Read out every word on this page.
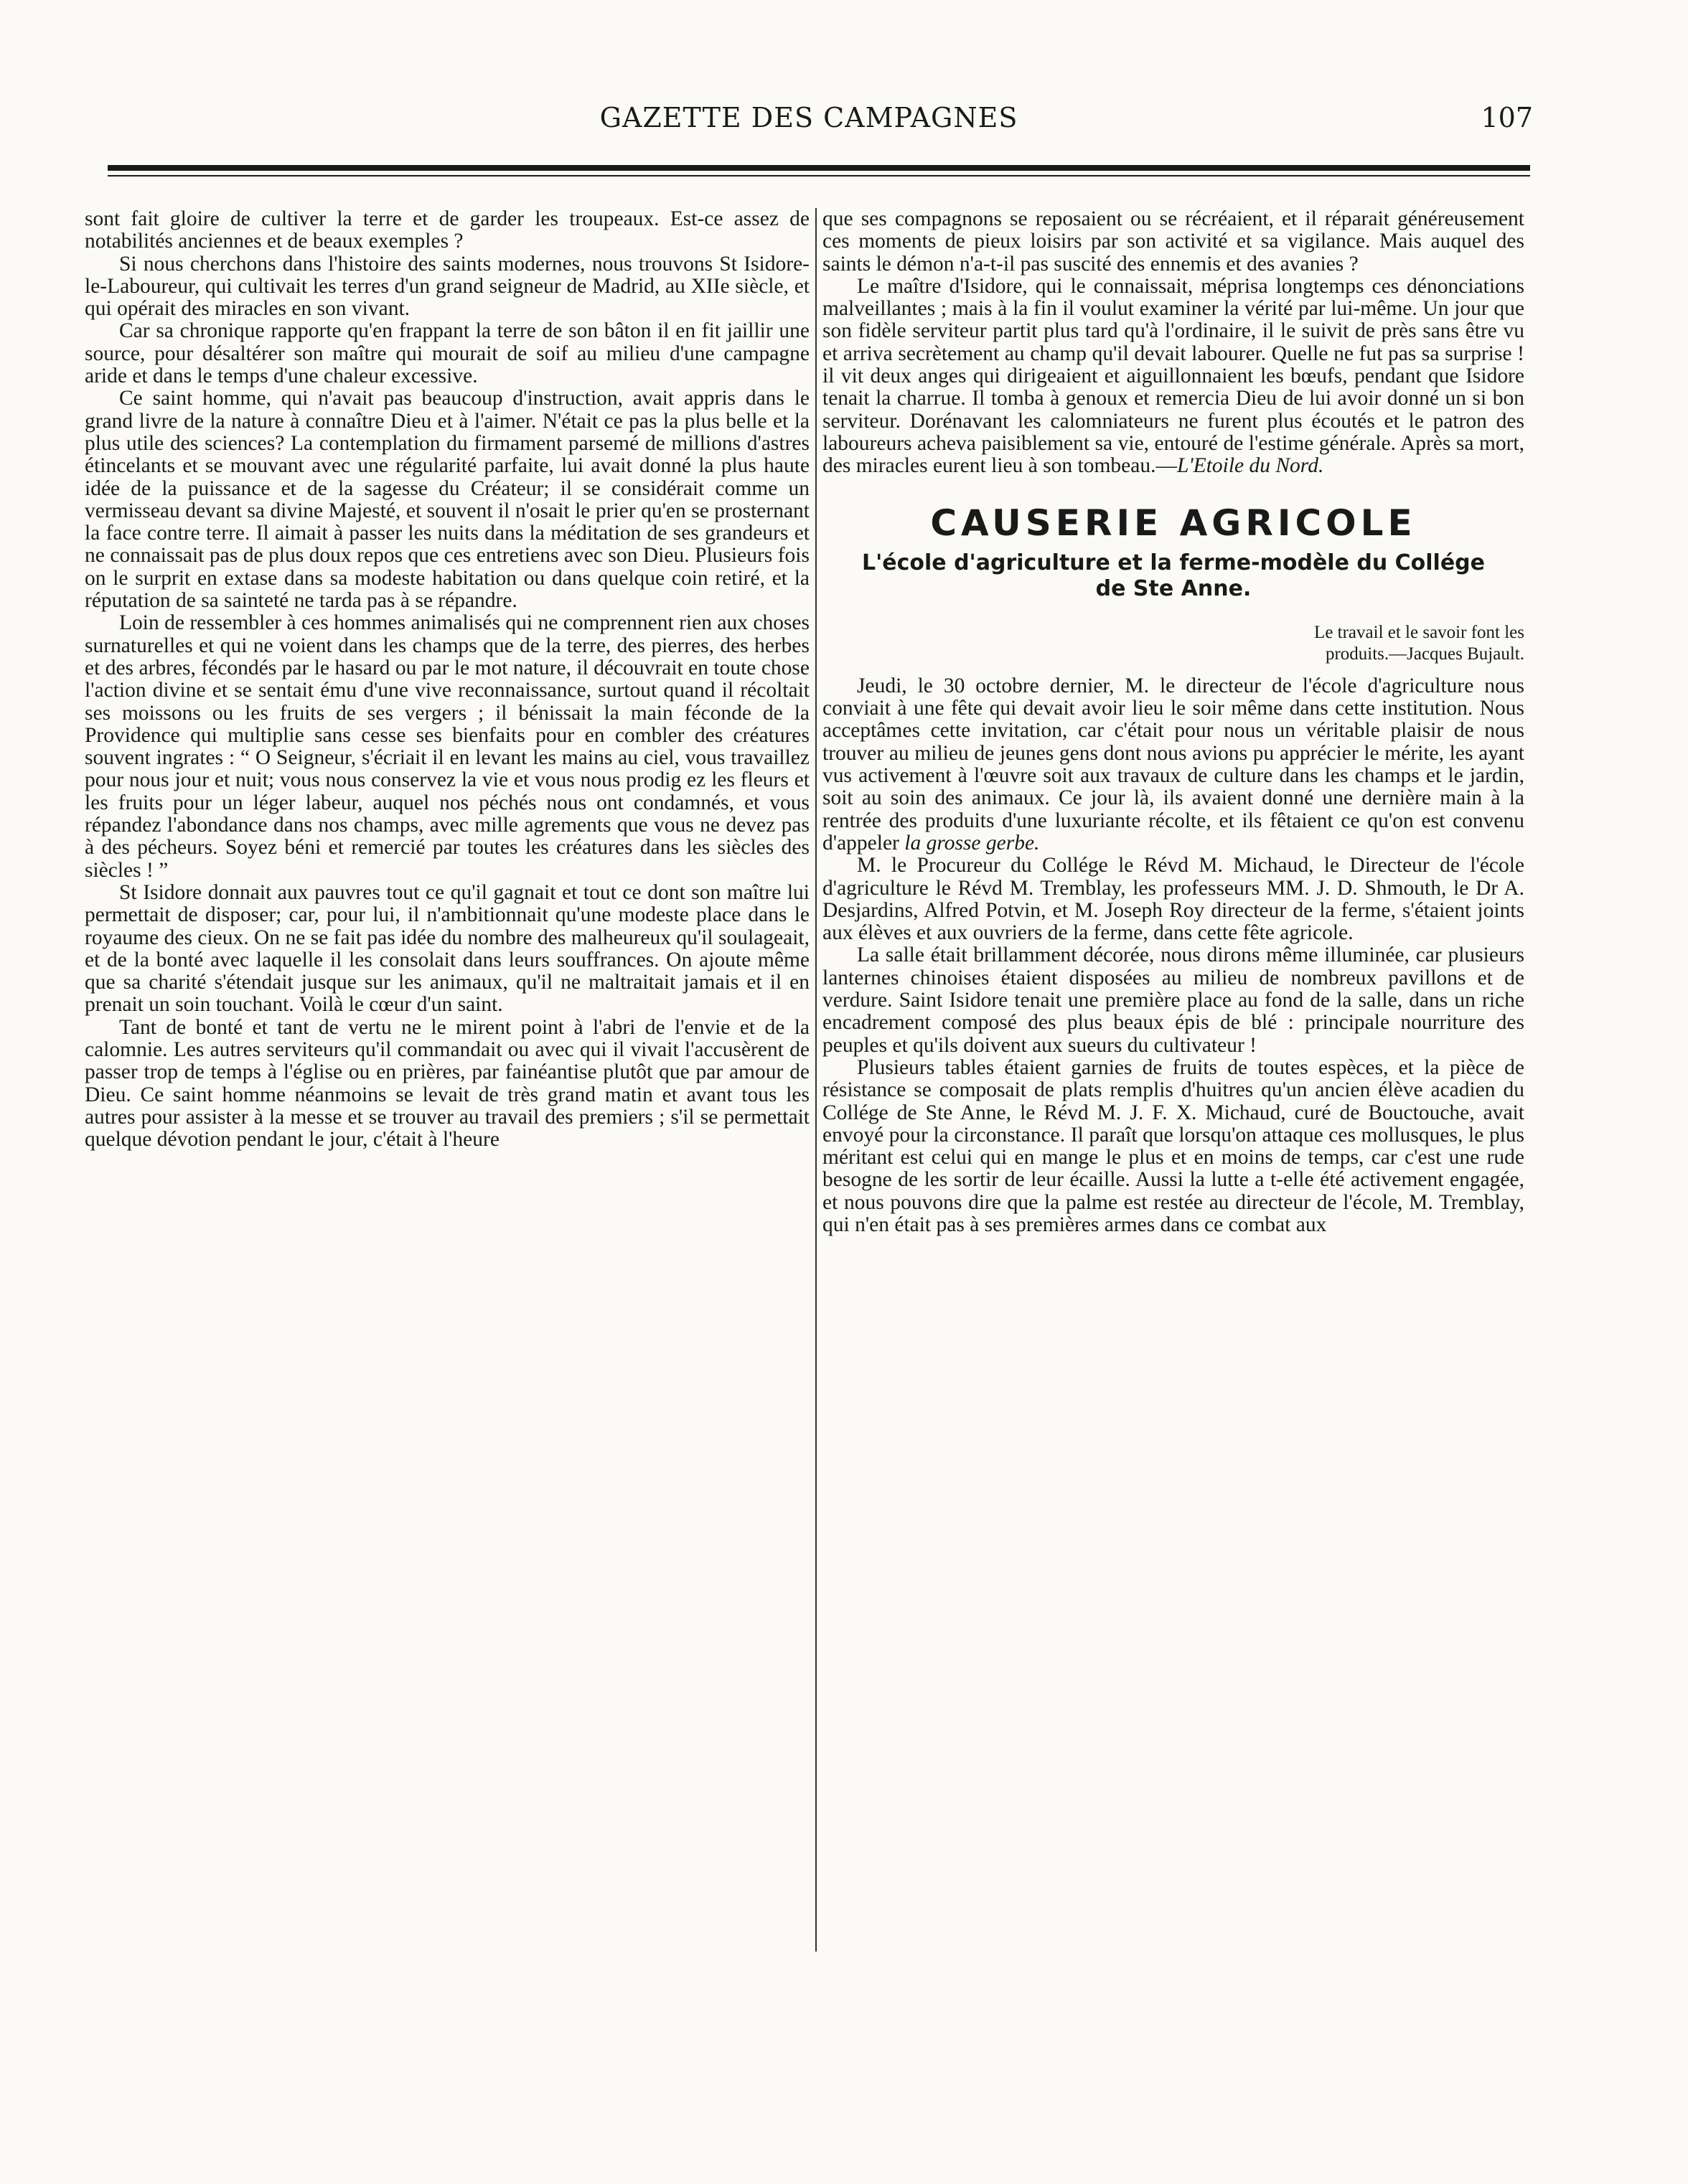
GAZETTE DES CAMPAGNES	107

sont fait gloire de cultiver la terre et de garder les troupeaux. Est-ce assez de notabilités anciennes et de beaux exemples ?

Si nous cherchons dans l'histoire des saints modernes, nous trouvons St Isidore-le-Laboureur, qui cultivait les terres d'un grand seigneur de Madrid, au XIIe siècle, et qui opérait des miracles en son vivant.

Car sa chronique rapporte qu'en frappant la terre de son bâton il en fit jaillir une source, pour désaltérer son maître qui mourait de soif au milieu d'une campagne aride et dans le temps d'une chaleur excessive.

Ce saint homme, qui n'avait pas beaucoup d'instruction, avait appris dans le grand livre de la nature à connaître Dieu et à l'aimer. N'était ce pas la plus belle et la plus utile des sciences? La contemplation du firmament parsemé de millions d'astres étincelants et se mouvant avec une régularité parfaite, lui avait donné la plus haute idée de la puissance et de la sagesse du Créateur; il se considérait comme un vermisseau devant sa divine Majesté, et souvent il n'osait le prier qu'en se prosternant la face contre terre. Il aimait à passer les nuits dans la méditation de ses grandeurs et ne connaissait pas de plus doux repos que ces entretiens avec son Dieu. Plusieurs fois on le surprit en extase dans sa modeste habitation ou dans quelque coin retiré, et la réputation de sa sainteté ne tarda pas à se répandre.

Loin de ressembler à ces hommes animalisés qui ne comprennent rien aux choses surnaturelles et qui ne voient dans les champs que de la terre, des pierres, des herbes et des arbres, fécondés par le hasard ou par le mot nature, il découvrait en toute chose l'action divine et se sentait ému d'une vive reconnaissance, surtout quand il récoltait ses moissons ou les fruits de ses vergers ; il bénissait la main féconde de la Providence qui multiplie sans cesse ses bienfaits pour en combler des créatures souvent ingrates : “ O Seigneur, s'écriait il en levant les mains au ciel, vous travaillez pour nous jour et nuit; vous nous conservez la vie et vous nous prodig ez les fleurs et les fruits pour un léger labeur, auquel nos péchés nous ont condamnés, et vous répandez l'abondance dans nos champs, avec mille agrements que vous ne devez pas à des pécheurs. Soyez béni et remercié par toutes les créatures dans les siècles des siècles ! ”

St Isidore donnait aux pauvres tout ce qu'il gagnait et tout ce dont son maître lui permettait de disposer; car, pour lui, il n'ambitionnait qu'une modeste place dans le royaume des cieux. On ne se fait pas idée du nombre des malheureux qu'il soulageait, et de la bonté avec laquelle il les consolait dans leurs souffrances. On ajoute même que sa charité s'étendait jusque sur les animaux, qu'il ne maltraitait jamais et il en prenait un soin touchant. Voilà le cœur d'un saint.

Tant de bonté et tant de vertu ne le mirent point à l'abri de l'envie et de la calomnie. Les autres serviteurs qu'il commandait ou avec qui il vivait l'accusèrent de passer trop de temps à l'église ou en prières, par fainéantise plutôt que par amour de Dieu. Ce saint homme néanmoins se levait de très grand matin et avant tous les autres pour assister à la messe et se trouver au travail des premiers ; s'il se permettait quelque dévotion pendant le jour, c'était à l'heure

que ses compagnons se reposaient ou se récréaient, et il réparait généreusement ces moments de pieux loisirs par son activité et sa vigilance. Mais auquel des saints le démon n'a-t-il pas suscité des ennemis et des avanies ?

Le maître d'Isidore, qui le connaissait, méprisa longtemps ces dénonciations malveillantes ; mais à la fin il voulut examiner la vérité par lui-même. Un jour que son fidèle serviteur partit plus tard qu'à l'ordinaire, il le suivit de près sans être vu et arriva secrètement au champ qu'il devait labourer. Quelle ne fut pas sa surprise ! il vit deux anges qui dirigeaient et aiguillonnaient les bœufs, pendant que Isidore tenait la charrue. Il tomba à genoux et remercia Dieu de lui avoir donné un si bon serviteur. Dorénavant les calomniateurs ne furent plus écoutés et le patron des laboureurs acheva paisiblement sa vie, entouré de l'estime générale. Après sa mort, des miracles eurent lieu à son tombeau.—L'Etoile du Nord.

CAUSERIE AGRICOLE
L'école d'agriculture et la ferme-modèle du Collége de Ste Anne.
Le travail et le savoir font les
produits.—Jacques Bujault.

Jeudi, le 30 octobre dernier, M. le directeur de l'école d'agriculture nous conviait à une fête qui devait avoir lieu le soir même dans cette institution. Nous acceptâmes cette invitation, car c'était pour nous un véritable plaisir de nous trouver au milieu de jeunes gens dont nous avions pu apprécier le mérite, les ayant vus activement à l'œuvre soit aux travaux de culture dans les champs et le jardin, soit au soin des animaux. Ce jour là, ils avaient donné une dernière main à la rentrée des produits d'une luxuriante récolte, et ils fêtaient ce qu'on est convenu d'appeler la grosse gerbe.

M. le Procureur du Collége le Révd M. Michaud, le Directeur de l'école d'agriculture le Révd M. Tremblay, les professeurs MM. J. D. Shmouth, le Dr A. Desjardins, Alfred Potvin, et M. Joseph Roy directeur de la ferme, s'étaient joints aux élèves et aux ouvriers de la ferme, dans cette fête agricole.

La salle était brillamment décorée, nous dirons même illuminée, car plusieurs lanternes chinoises étaient disposées au milieu de nombreux pavillons et de verdure. Saint Isidore tenait une première place au fond de la salle, dans un riche encadrement composé des plus beaux épis de blé : principale nourriture des peuples et qu'ils doivent aux sueurs du cultivateur !

Plusieurs tables étaient garnies de fruits de toutes espèces, et la pièce de résistance se composait de plats remplis d'huitres qu'un ancien élève acadien du Collége de Ste Anne, le Révd M. J. F. X. Michaud, curé de Bouctouche, avait envoyé pour la circonstance. Il paraît que lorsqu'on attaque ces mollusques, le plus méritant est celui qui en mange le plus et en moins de temps, car c'est une rude besogne de les sortir de leur écaille. Aussi la lutte a t-elle été activement engagée, et nous pouvons dire que la palme est restée au directeur de l'école, M. Tremblay, qui n'en était pas à ses premières armes dans ce combat aux
